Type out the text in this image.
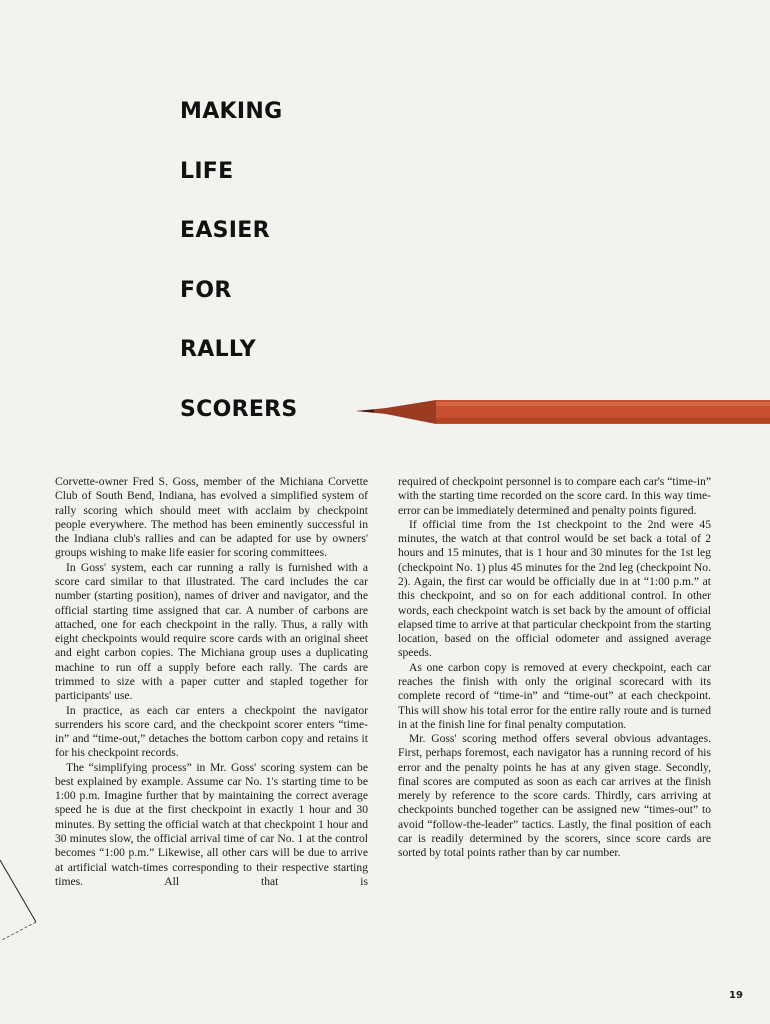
MAKING
LIFE
EASIER
FOR
RALLY
SCORERS

Corvette-owner Fred S. Goss, member of the Michiana Corvette Club of South Bend, Indiana, has evolved a simplified system of rally scoring which should meet with acclaim by checkpoint people everywhere. The method has been eminently successful in the Indiana club's rallies and can be adapted for use by owners' groups wishing to make life easier for scoring committees.

In Goss' system, each car running a rally is furnished with a score card similar to that illustrated. The card includes the car number (starting position), names of driver and navigator, and the official starting time assigned that car. A number of carbons are attached, one for each checkpoint in the rally. Thus, a rally with eight checkpoints would require score cards with an original sheet and eight carbon copies. The Michiana group uses a duplicating machine to run off a supply before each rally. The cards are trimmed to size with a paper cutter and stapled together for participants' use.

In practice, as each car enters a checkpoint the navigator surrenders his score card, and the checkpoint scorer enters “time-in” and “time-out,” detaches the bottom carbon copy and retains it for his checkpoint records.

The “simplifying process” in Mr. Goss' scoring system can be best explained by example. Assume car No. 1's starting time to be 1:00 p.m. Imagine further that by maintaining the correct average speed he is due at the first checkpoint in exactly 1 hour and 30 minutes. By setting the official watch at that checkpoint 1 hour and 30 minutes slow, the official arrival time of car No. 1 at the control becomes “1:00 p.m.” Likewise, all other cars will be due to arrive at artificial watch-times corresponding to their respective starting times. All that is

required of checkpoint personnel is to compare each car's “time-in” with the starting time recorded on the score card. In this way time-error can be immediately determined and penalty points figured.

If official time from the 1st checkpoint to the 2nd were 45 minutes, the watch at that control would be set back a total of 2 hours and 15 minutes, that is 1 hour and 30 minutes for the 1st leg (checkpoint No. 1) plus 45 minutes for the 2nd leg (checkpoint No. 2). Again, the first car would be officially due in at “1:00 p.m.” at this checkpoint, and so on for each additional control. In other words, each checkpoint watch is set back by the amount of official elapsed time to arrive at that particular checkpoint from the starting location, based on the official odometer and assigned average speeds.

As one carbon copy is removed at every checkpoint, each car reaches the finish with only the original scorecard with its complete record of “time-in” and “time-out” at each checkpoint. This will show his total error for the entire rally route and is turned in at the finish line for final penalty computation.

Mr. Goss' scoring method offers several obvious advantages. First, perhaps foremost, each navigator has a running record of his error and the penalty points he has at any given stage. Secondly, final scores are computed as soon as each car arrives at the finish merely by reference to the score cards. Thirdly, cars arriving at checkpoints bunched together can be assigned new “times-out” to avoid “follow-the-leader” tactics. Lastly, the final position of each car is readily determined by the scorers, since score cards are sorted by total points rather than by car number.

19
